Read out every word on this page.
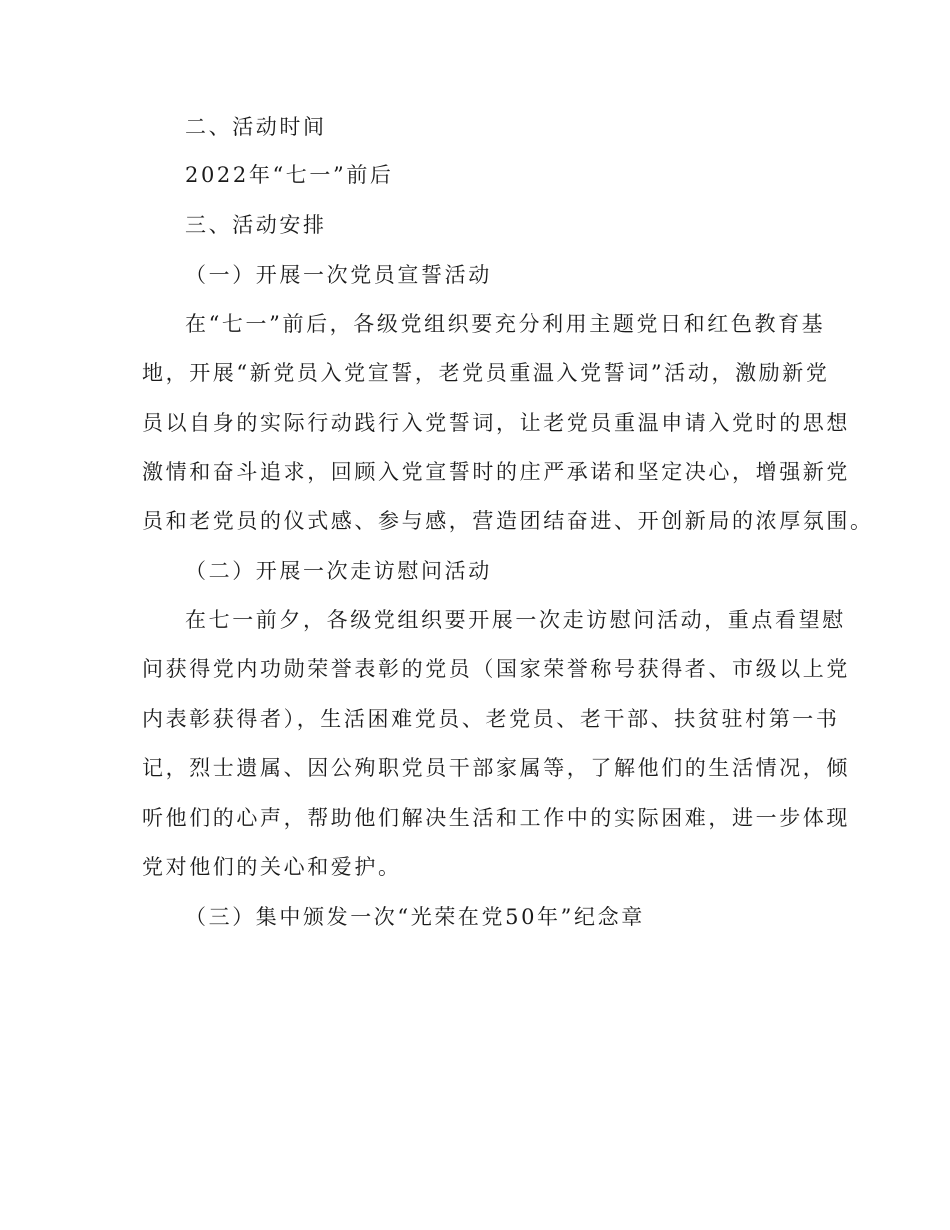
二、活动时间
2022年“七一”前后
三、活动安排
（一）开展一次党员宣誓活动
在“七一”前后，各级党组织要充分利用主题党日和红色教育基
地，开展“新党员入党宣誓，老党员重温入党誓词”活动，激励新党
员以自身的实际行动践行入党誓词，让老党员重温申请入党时的思想
激情和奋斗追求，回顾入党宣誓时的庄严承诺和坚定决心，增强新党
员和老党员的仪式感、参与感，营造团结奋进、开创新局的浓厚氛围。
（二）开展一次走访慰问活动
在七一前夕，各级党组织要开展一次走访慰问活动，重点看望慰
问获得党内功勋荣誉表彰的党员（国家荣誉称号获得者、市级以上党
内表彰获得者），生活困难党员、老党员、老干部、扶贫驻村第一书
记，烈士遗属、因公殉职党员干部家属等，了解他们的生活情况，倾
听他们的心声，帮助他们解决生活和工作中的实际困难，进一步体现
党对他们的关心和爱护。
（三）集中颁发一次“光荣在党50年”纪念章
